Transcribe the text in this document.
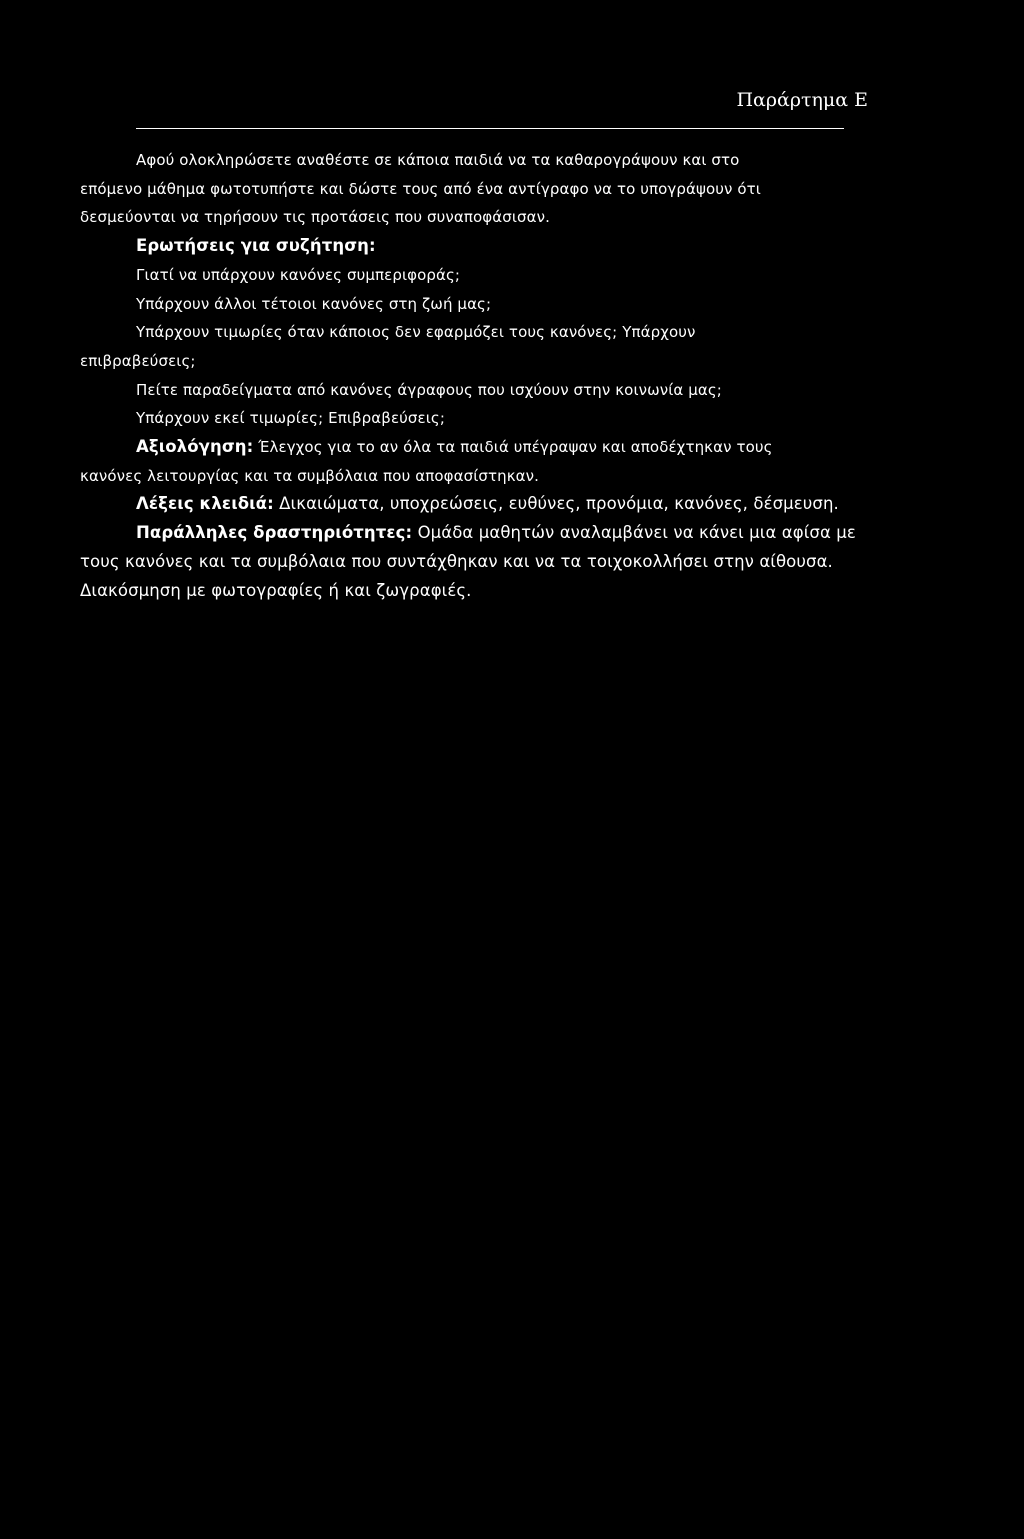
Παράρτημα Ε

Αφού ολοκληρώσετε αναθέστε σε κάποια παιδιά να τα καθαρογράψουν και στο

επόμενο μάθημα φωτοτυπήστε και δώστε τους από ένα αντίγραφο να το υπογράψουν ότι

δεσμεύονται να τηρήσουν τις προτάσεις που συναποφάσισαν.

Ερωτήσεις για συζήτηση:

Γιατί να υπάρχουν κανόνες συμπεριφοράς;

Υπάρχουν άλλοι τέτοιοι κανόνες στη ζωή μας;

Υπάρχουν τιμωρίες όταν κάποιος δεν εφαρμόζει τους κανόνες; Υπάρχουν

επιβραβεύσεις;

Πείτε παραδείγματα από κανόνες άγραφους που ισχύουν στην κοινωνία μας;

Υπάρχουν εκεί τιμωρίες; Επιβραβεύσεις;

Αξιολόγηση: Έλεγχος για το αν όλα τα παιδιά υπέγραψαν και αποδέχτηκαν τους

κανόνες λειτουργίας και τα συμβόλαια που αποφασίστηκαν.

Λέξεις κλειδιά: Δικαιώματα, υποχρεώσεις, ευθύνες, προνόμια, κανόνες, δέσμευση.

Παράλληλες δραστηριότητες: Ομάδα μαθητών αναλαμβάνει να κάνει μια αφίσα με

τους κανόνες και τα συμβόλαια που συντάχθηκαν και να τα τοιχοκολλήσει στην αίθουσα.

Διακόσμηση με φωτογραφίες ή και ζωγραφιές.
